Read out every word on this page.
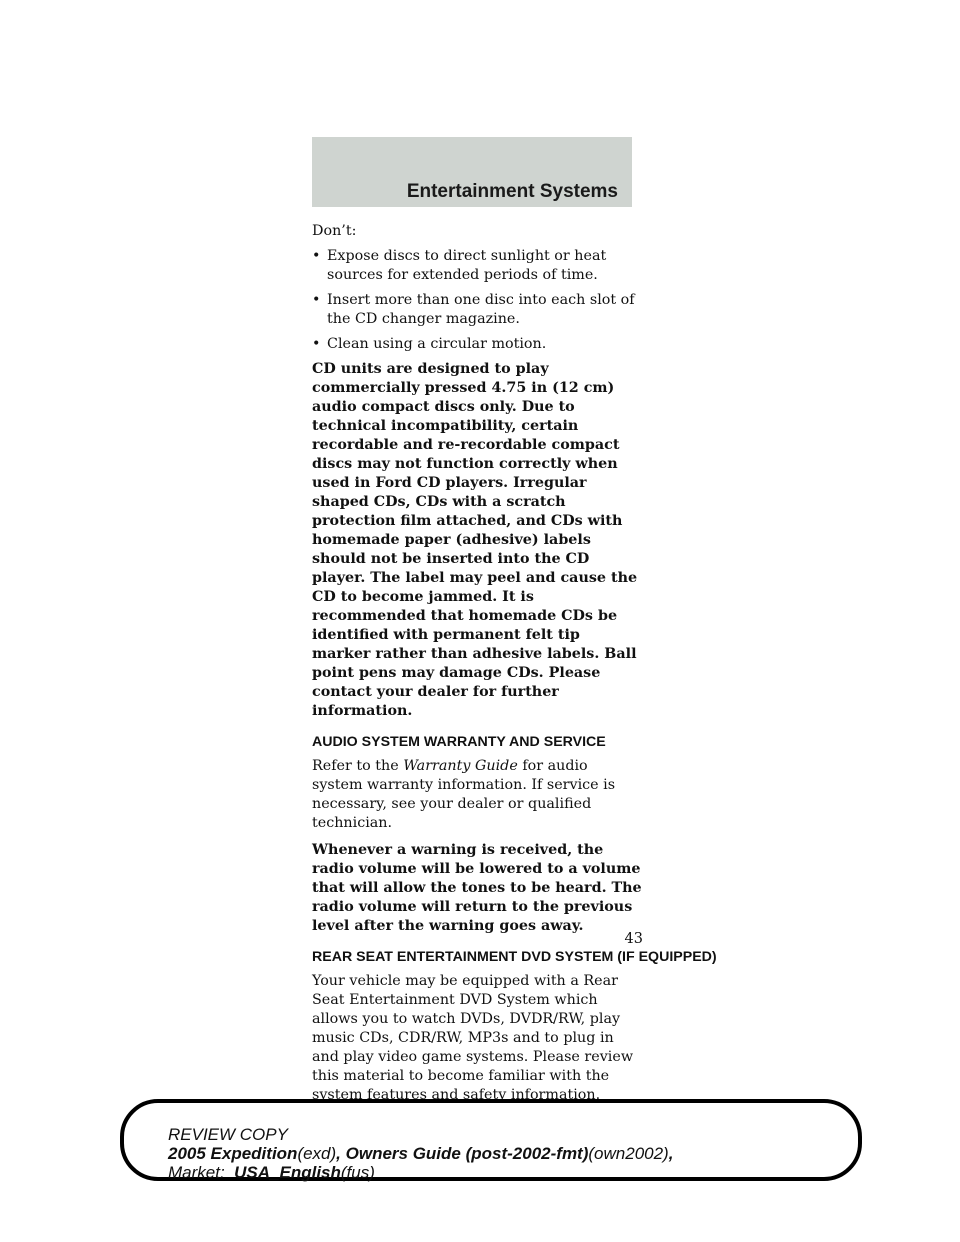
Entertainment Systems

Don’t:

• Expose discs to direct sunlight or heat sources for extended periods of time.
• Insert more than one disc into each slot of the CD changer magazine.
• Clean using a circular motion.

CD units are designed to play commercially pressed 4.75 in (12 cm) audio compact discs only. Due to technical incompatibility, certain recordable and re-recordable compact discs may not function correctly when used in Ford CD players. Irregular shaped CDs, CDs with a scratch protection film attached, and CDs with homemade paper (adhesive) labels should not be inserted into the CD player. The label may peel and cause the CD to become jammed. It is recommended that homemade CDs be identified with permanent felt tip marker rather than adhesive labels. Ball point pens may damage CDs. Please contact your dealer for further information.

AUDIO SYSTEM WARRANTY AND SERVICE

Refer to the Warranty Guide for audio system warranty information. If service is necessary, see your dealer or qualified technician.

Whenever a warning is received, the radio volume will be lowered to a volume that will allow the tones to be heard. The radio volume will return to the previous level after the warning goes away.

REAR SEAT ENTERTAINMENT DVD SYSTEM (IF EQUIPPED)

Your vehicle may be equipped with a Rear Seat Entertainment DVD System which allows you to watch DVDs, DVDR/RW, play music CDs, CDR/RW, MP3s and to plug in and play video game systems. Please review this material to become familiar with the system features and safety information.

43

REVIEW COPY

2005 Expedition(exd), Owners Guide (post-2002-fmt)(own2002),

Market: USA_English(fus)
